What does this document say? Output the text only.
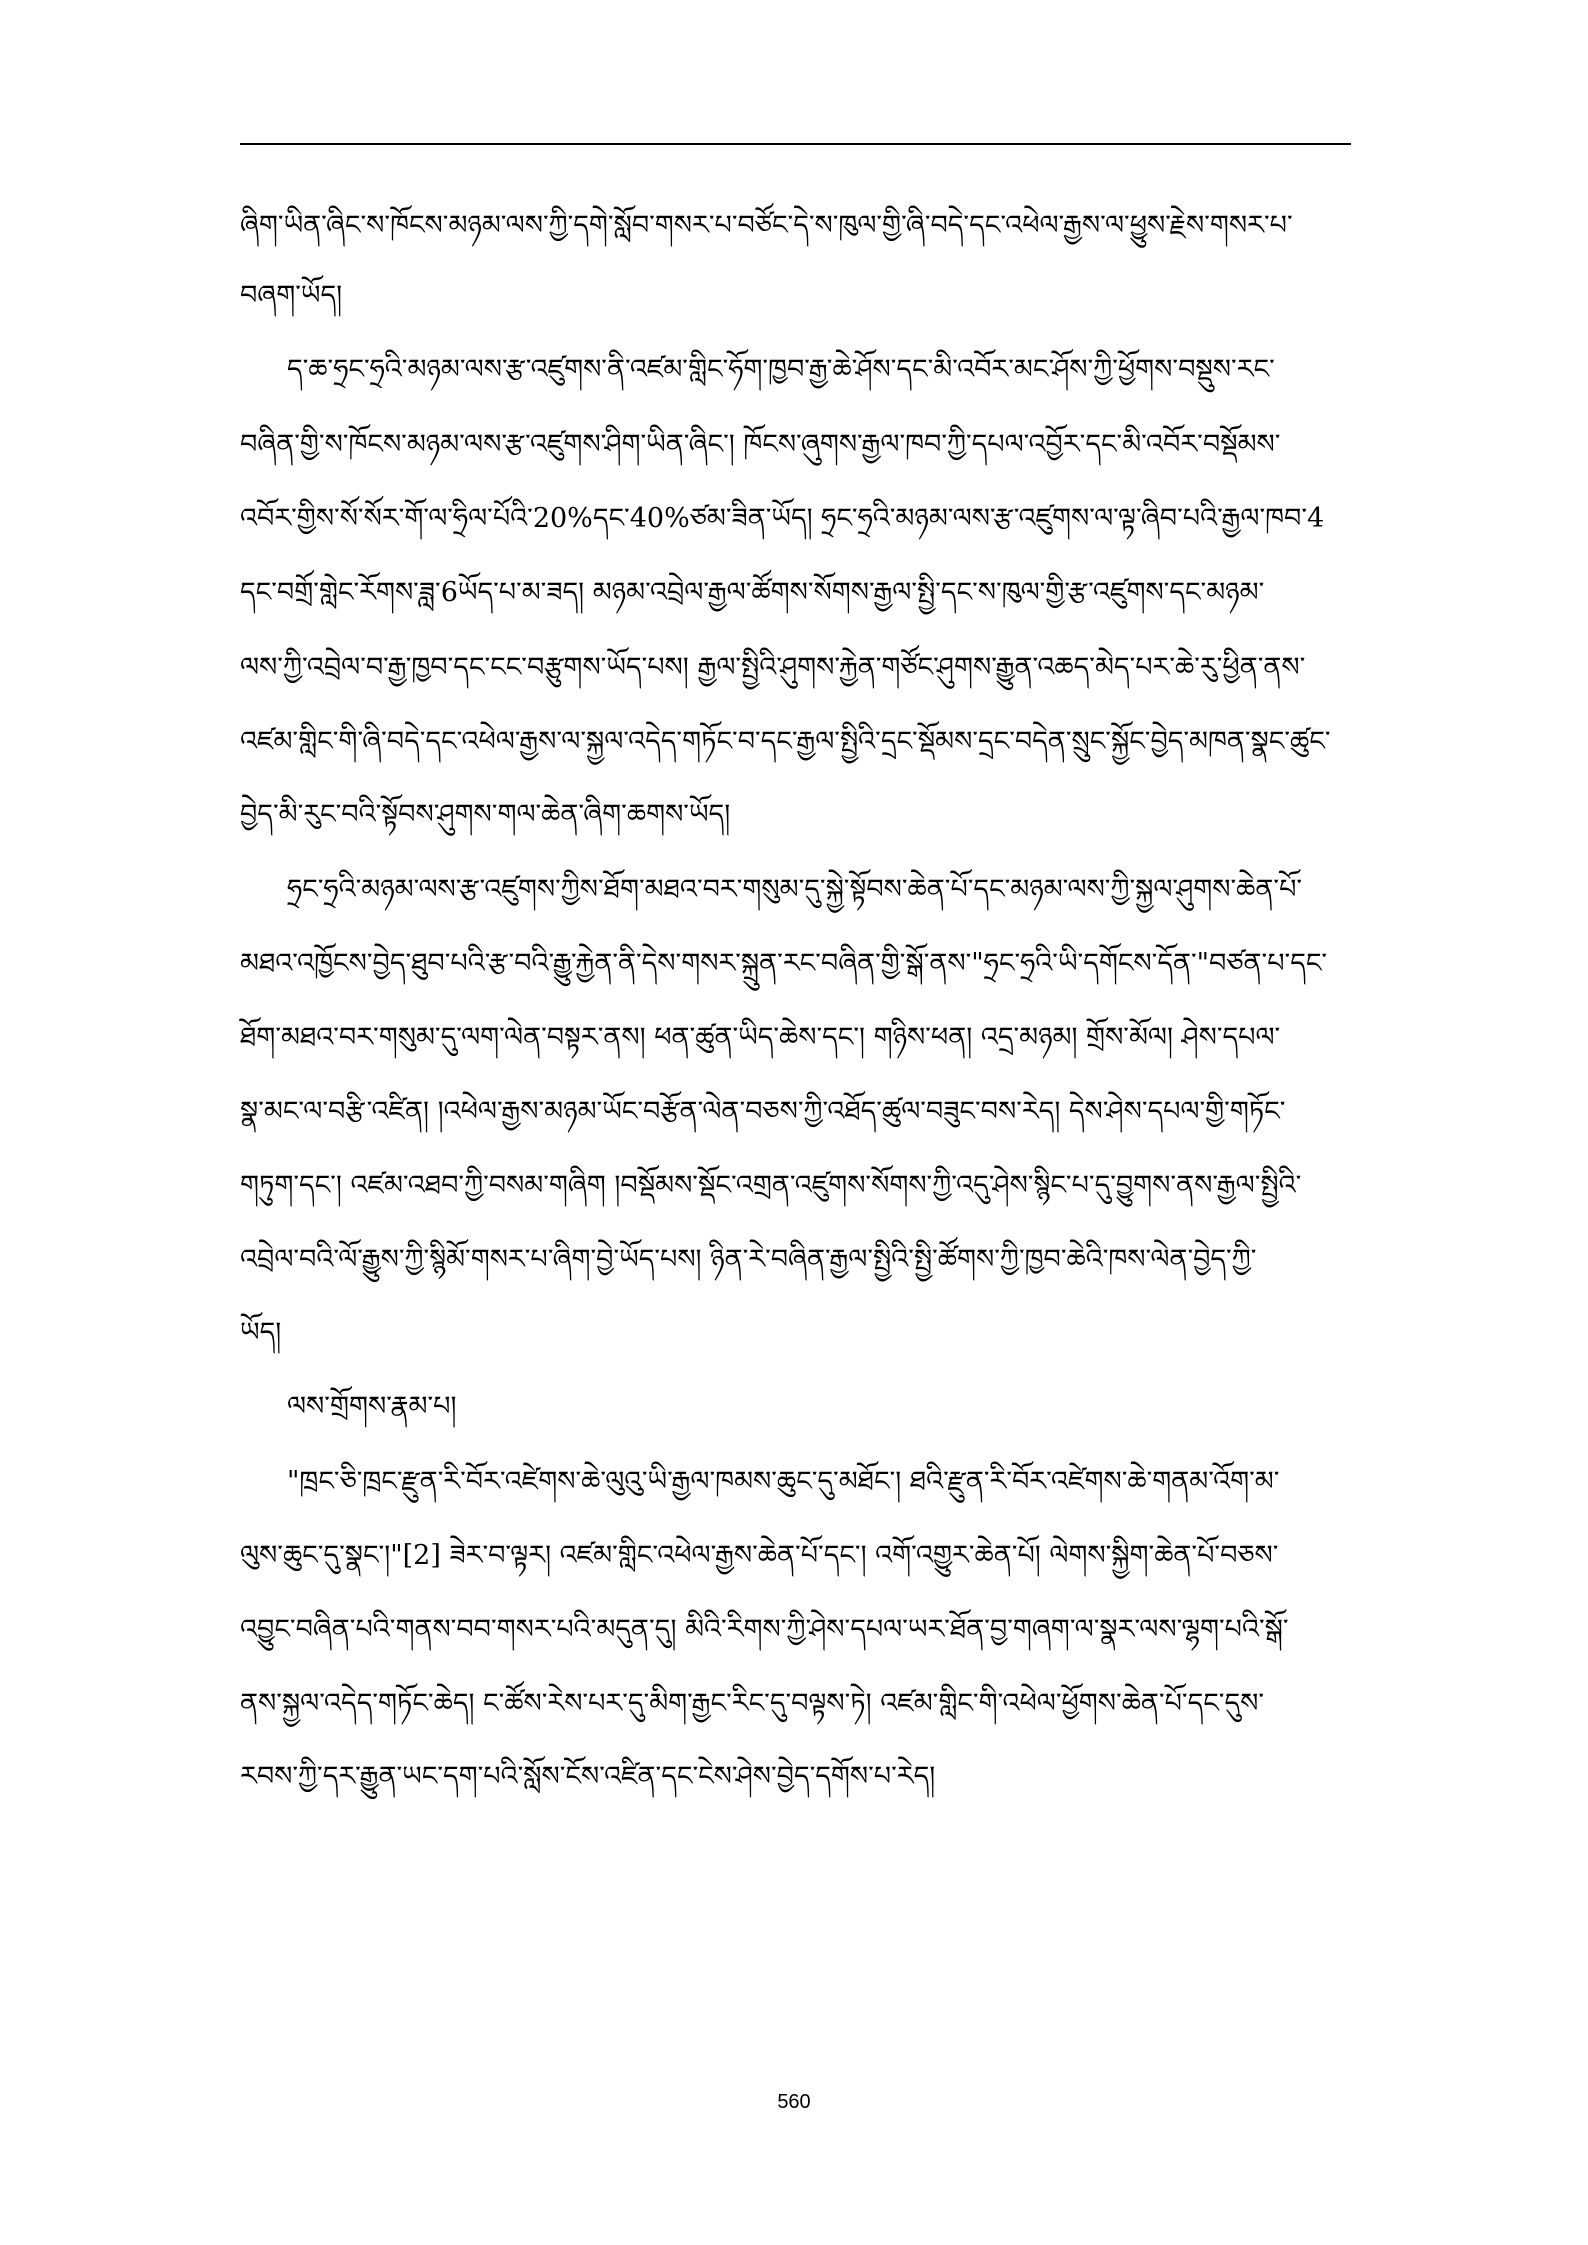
ཞིག་ཡིན་ཞིང་ས་ཁོངས་མཉམ་ལས་ཀྱི་དགེ་སློབ་གསར་པ་བཙོང་དེ་ས་ཁུལ་གྱི་ཞི་བདེ་དང་འཕེལ་རྒྱས་ལ་ཕྱུས་རྗེས་གསར་པ་
བཞག་ཡོད།
ད་ཆ་ཧྲང་ཧྲའི་མཉམ་ལས་རྩ་འཛུགས་ནི་འཛམ་གླིང་ཧོག་ཁྱབ་རྒྱ་ཆེ་ཤོས་དང་མི་འབོར་མང་ཤོས་ཀྱི་ཕྱོགས་བསྡུས་རང་
བཞིན་གྱི་ས་ཁོངས་མཉམ་ལས་རྩ་འཛུགས་ཤིག་ཡིན་ཞིང་། ཁོངས་ཞུགས་རྒྱལ་ཁབ་ཀྱི་དཔལ་འབྱོར་དང་མི་འབོར་བསྡོམས་
འབོར་གྱིས་སོ་སོར་གོ་ལ་ཧྲིལ་པོའི་20%དང་40%ཙམ་ཟིན་ཡོད། ཧྲང་ཧྲའི་མཉམ་ལས་རྩ་འཛུགས་ལ་ལྟ་ཞིབ་པའི་རྒྱལ་ཁབ་4
དང་བགྲོ་གླེང་རོགས་ཟླ་6ཡོད་པ་མ་ཟད། མཉམ་འབྲེལ་རྒྱལ་ཚོགས་སོགས་རྒྱལ་སྤྱི་དང་ས་ཁུལ་གྱི་རྩ་འཛུགས་དང་མཉམ་
ལས་ཀྱི་འབྲེལ་བ་རྒྱ་ཁྱབ་དང་ངང་བརྩུགས་ཡོད་པས། རྒྱལ་སྤྱིའི་ཤུགས་རྐྱེན་གཙོང་ཤུགས་རྒྱུན་འཆད་མེད་པར་ཆེ་རུ་ཕྱིན་ནས་
འཛམ་གླིང་གི་ཞི་བདེ་དང་འཕེལ་རྒྱས་ལ་སྐྱལ་འདེད་གཏོང་བ་དང་རྒྱལ་སྤྱིའི་དྲང་སྡོམས་དྲང་བདེན་སྲུང་སྐྱོང་བྱེད་མཁན་སྣང་ཚུང་
བྱེད་མི་རུང་བའི་སྟོབས་ཤུགས་གལ་ཆེན་ཞིག་ཆགས་ཡོད།
ཧྲང་ཧྲའི་མཉམ་ལས་རྩ་འཛུགས་ཀྱིས་ཐོག་མཐའ་བར་གསུམ་དུ་སྐྱེ་སྟོབས་ཆེན་པོ་དང་མཉམ་ལས་ཀྱི་སྐྱལ་ཤུགས་ཆེན་པོ་
མཐའ་འཁྱོངས་བྱེད་ཐུབ་པའི་རྩ་བའི་རྒྱུ་རྐྱེན་ནི་དེས་གསར་སྐྲུན་རང་བཞིན་གྱི་སྒོ་ནས་"ཧྲང་ཧྲའི་ཡི་དགོངས་དོན་"བཙན་པ་དང་
ཐོག་མཐའ་བར་གསུམ་དུ་ལག་ལེན་བསྟར་ནས། ཕན་ཚུན་ཡིད་ཆེས་དང་། གཉིས་ཕན། འདྲ་མཉམ། གྲོས་མོལ། ཤེས་དཔལ་
སྣ་མང་ལ་བརྩི་འཛིན། །འཕེལ་རྒྱས་མཉམ་ཡོང་བརྩོན་ལེན་བཅས་ཀྱི་འཐོད་ཚུལ་བཟུང་བས་རེད། དེས་ཤེས་དཔལ་གྱི་གཏོང་
གཏུག་དང་། འཛམ་འཐབ་ཀྱི་བསམ་གཞིག །བསྡོམས་སྡོང་འགྲན་འཛུགས་སོགས་ཀྱི་འདུ་ཤེས་སྙིང་པ་དུ་བྱུགས་ནས་རྒྱལ་སྤྱིའི་
འབྲེལ་བའི་ལོ་རྒྱུས་ཀྱི་སྙིམོ་གསར་པ་ཞིག་བྱེ་ཡོད་པས། ཉིན་རེ་བཞིན་རྒྱལ་སྤྱིའི་སྤྱི་ཚོགས་ཀྱི་ཁྱབ་ཆེའི་ཁས་ལེན་བྱེད་ཀྱི་
ཡོད།
ལས་གྲོགས་རྣམ་པ།
"ཁྲང་ཅི་ཁྲང་རྫུན་རི་བོར་འཛེགས་ཆེ་ལུའུ་ཡི་རྒྱལ་ཁམས་ཆུང་དུ་མཐོང་། ཐའི་རྫུན་རི་བོར་འཛེགས་ཆེ་གནམ་འོག་མ་
ལུས་ཆུང་དུ་སྣང་།"[2] ཟེར་བ་ལྟར། འཛམ་གླིང་འཕེལ་རྒྱས་ཆེན་པོ་དང་། འགོ་འགྱུར་ཆེན་པོ། ལེགས་སྐྱིག་ཆེན་པོ་བཅས་
འབྱུང་བཞིན་པའི་གནས་བབ་གསར་པའི་མདུན་དུ། མིའི་རིགས་ཀྱི་ཤེས་དཔལ་ཡར་ཐོན་བྱ་གཞག་ལ་སྣར་ལས་ལྷག་པའི་སྒོ་
ནས་སྐྱལ་འདེད་གཏོང་ཆེད། ང་ཚོས་རེས་པར་དུ་མིག་རྒྱང་རིང་དུ་བལྟས་ཏེ། འཛམ་གླིང་གི་འཕེལ་ཕྱོགས་ཆེན་པོ་དང་དུས་
རབས་ཀྱི་དར་རྒྱུན་ཡང་དག་པའི་སློས་ངོས་འཛིན་དང་ངེས་ཤེས་བྱེད་དགོས་པ་རེད།
560
